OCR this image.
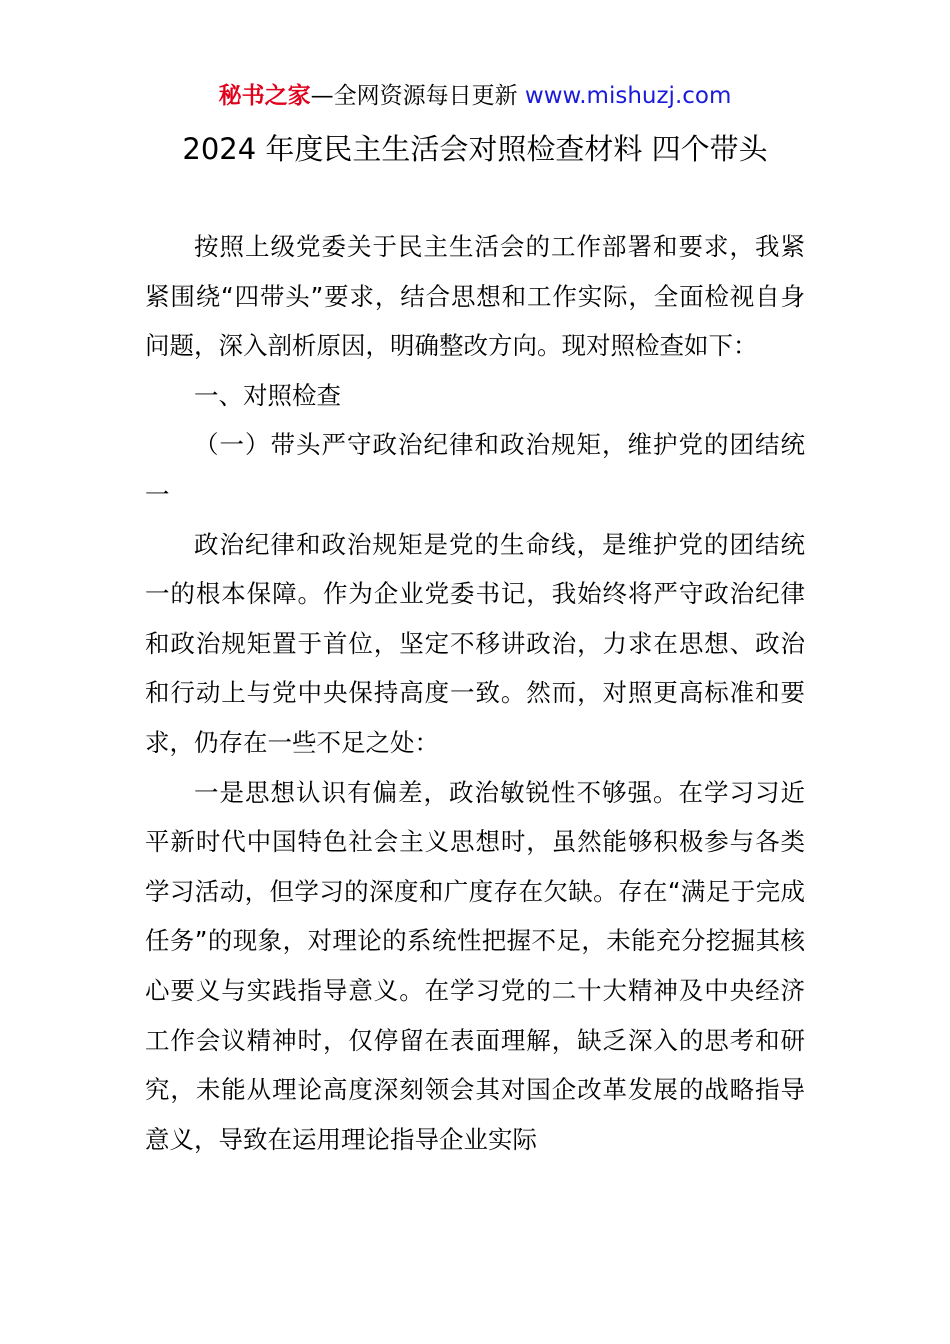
秘书之家—全网资源每日更新 www.mishuzj.com
2024 年度民主生活会对照检查材料 四个带头

按照上级党委关于民主生活会的工作部署和要求，我紧紧围绕“四带头”要求，结合思想和工作实际，全面检视自身问题，深入剖析原因，明确整改方向。现对照检查如下：

一、对照检查

（一）带头严守政治纪律和政治规矩，维护党的团结统一

政治纪律和政治规矩是党的生命线，是维护党的团结统一的根本保障。作为企业党委书记，我始终将严守政治纪律和政治规矩置于首位，坚定不移讲政治，力求在思想、政治和行动上与党中央保持高度一致。然而，对照更高标准和要求，仍存在一些不足之处：

一是思想认识有偏差，政治敏锐性不够强。在学习习近平新时代中国特色社会主义思想时，虽然能够积极参与各类学习活动，但学习的深度和广度存在欠缺。存在“满足于完成任务”的现象，对理论的系统性把握不足，未能充分挖掘其核心要义与实践指导意义。在学习党的二十大精神及中央经济工作会议精神时，仅停留在表面理解，缺乏深入的思考和研究，未能从理论高度深刻领会其对国企改革发展的战略指导意义，导致在运用理论指导企业实际
